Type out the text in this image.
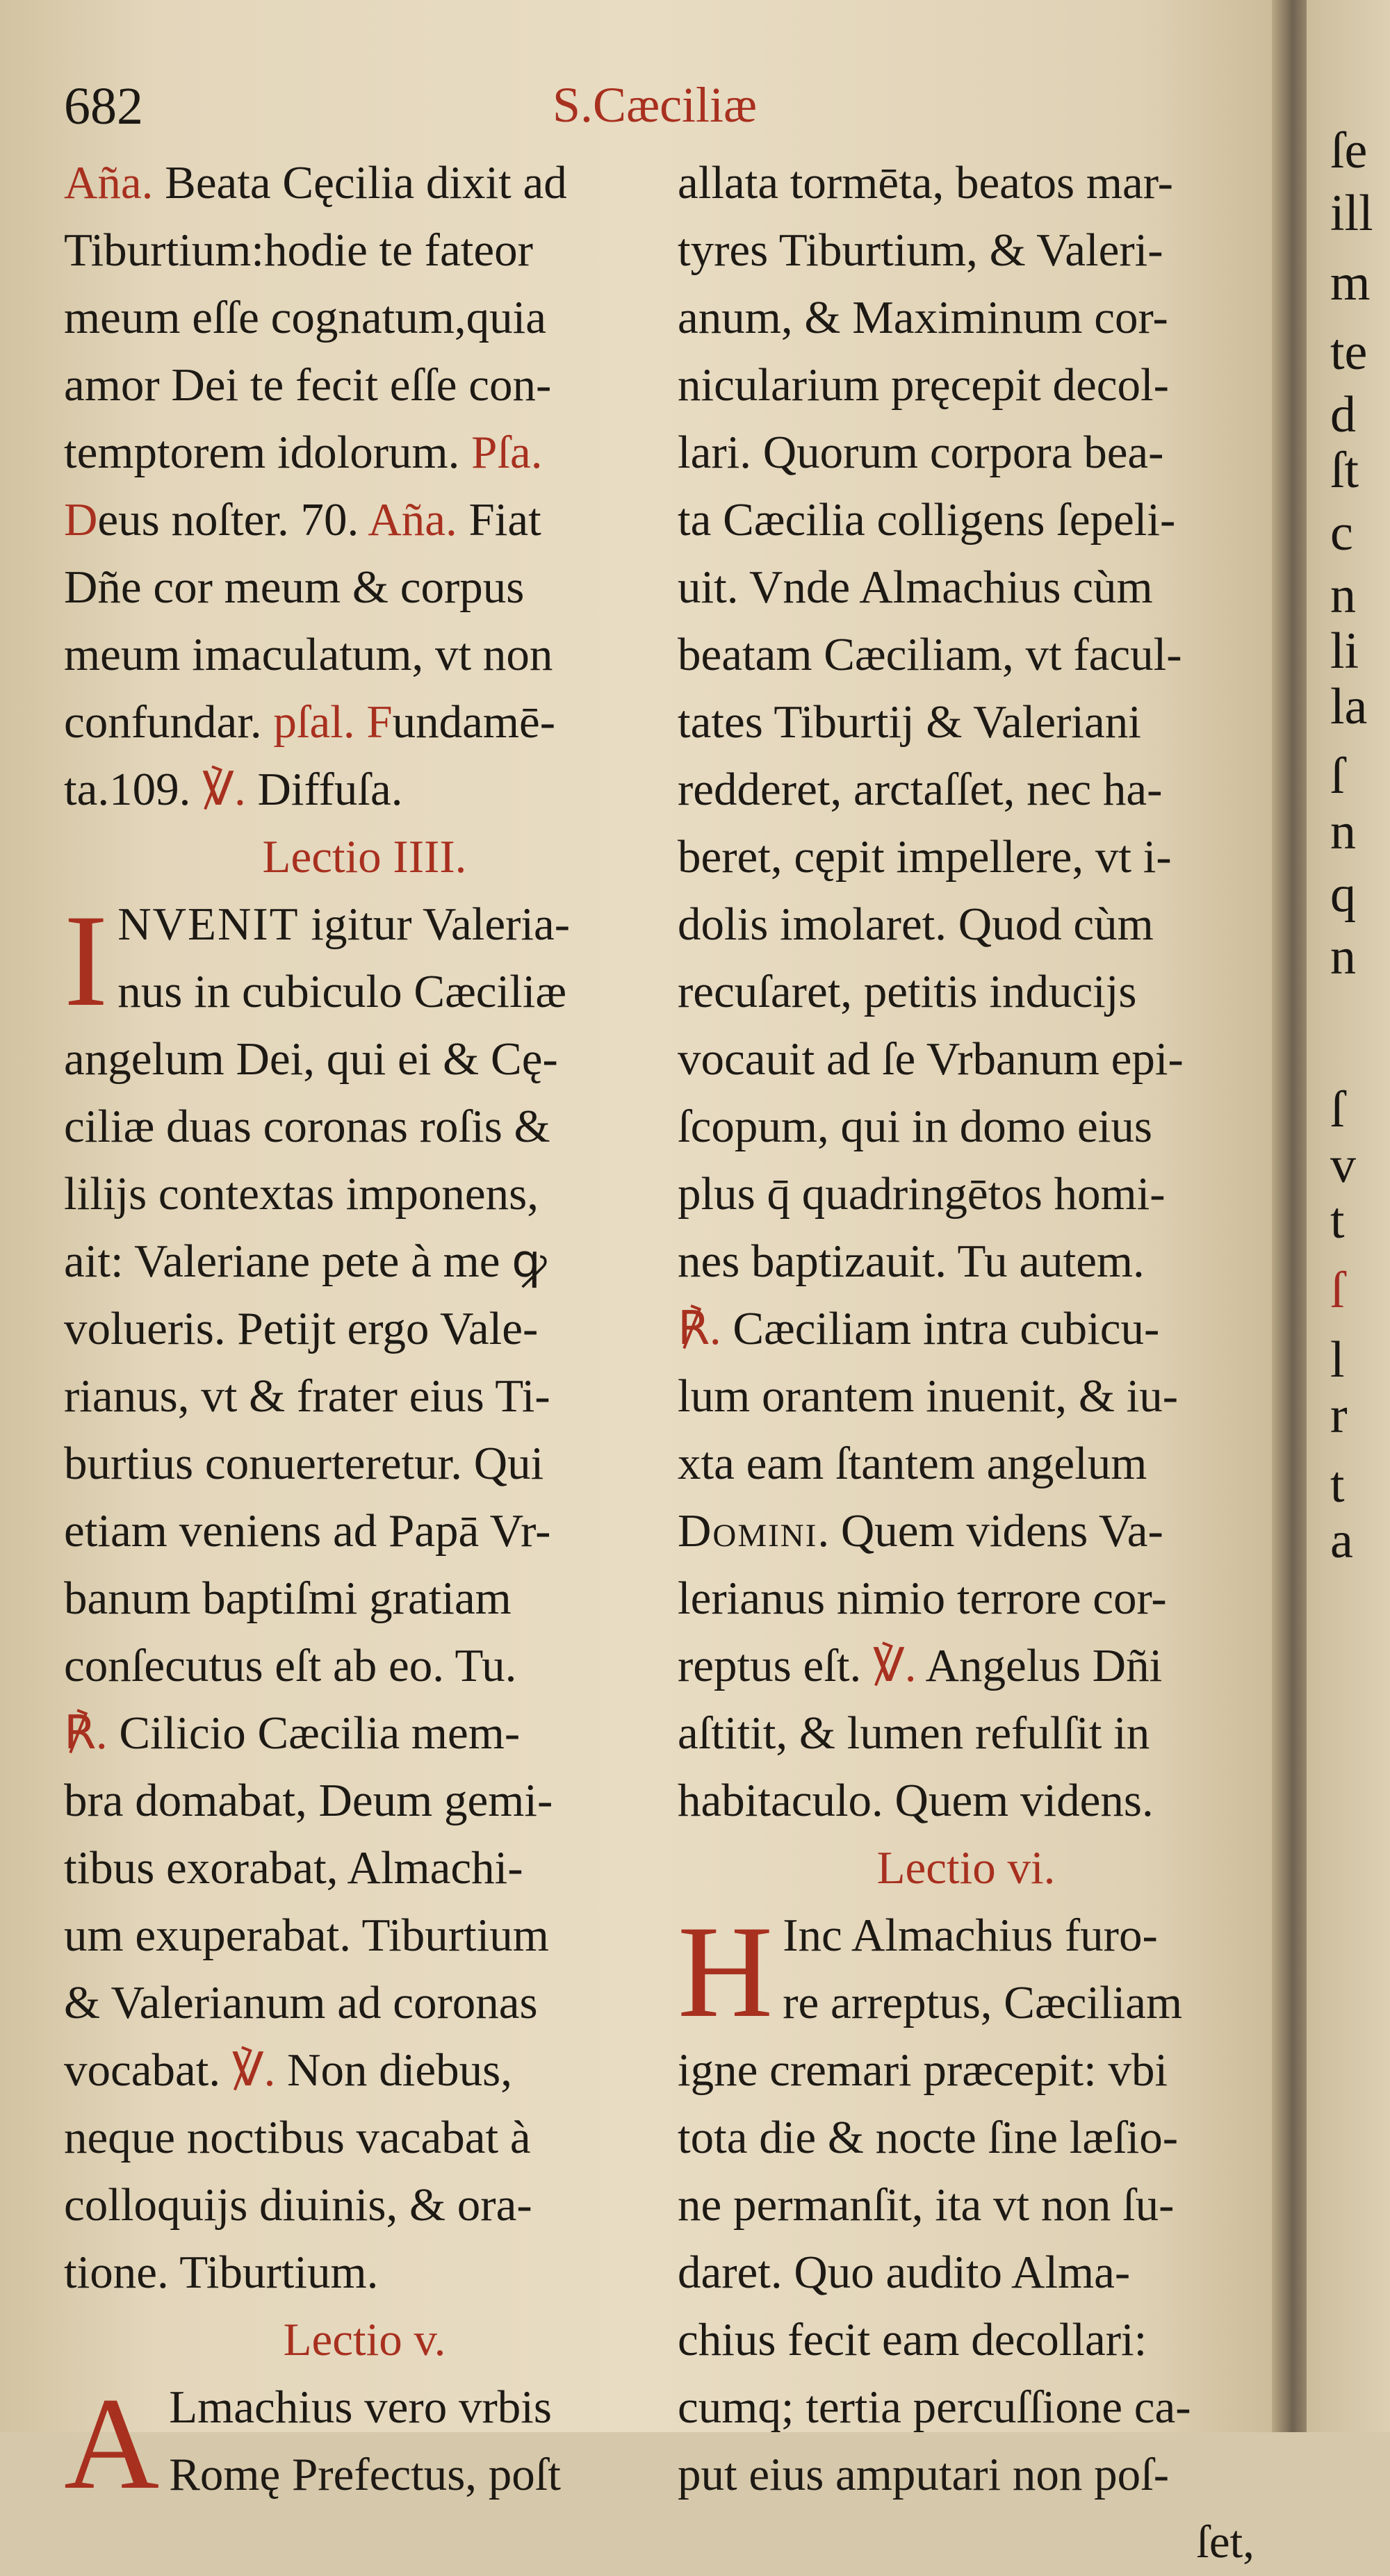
682	S.Cæciliæ
Aña. Beata Cęcilia dixit ad
Tiburtium:hodie te fateor
meum eſſe cognatum,quia
amor Dei te fecit eſſe con-
temptorem idolorum. Pſa.
Deus noſter. 70. Aña. Fiat
Dñe cor meum & corpus
meum imaculatum, vt non
confundar. pſal. Fundamē-
ta.109. ℣. Diffuſa.
Lectio IIII.
I NVENIT igitur Valeria-
nus in cubiculo Cæciliæ
angelum Dei, qui ei & Cę-
ciliæ duas coronas roſis &
lilijs contextas imponens,
ait: Valeriane pete à me ꝙ
volueris. Petijt ergo Vale-
rianus, vt & frater eius Ti-
burtius conuerteretur. Qui
etiam veniens ad Papā Vr-
banum baptiſmi gratiam
conſecutus eſt ab eo. Tu.
℟. Cilicio Cæcilia mem-
bra domabat, Deum gemi-
tibus exorabat, Almachi-
um exuperabat. Tiburtium
& Valerianum ad coronas
vocabat. ℣. Non diebus,
neque noctibus vacabat à
colloquijs diuinis, & ora-
tione. Tiburtium.
Lectio v.
A Lmachius vero vrbis
Romę Prefectus, poſt
allata tormēta, beatos mar-
tyres Tiburtium, & Valeri-
anum, & Maximinum cor-
nicularium pręcepit decol-
lari. Quorum corpora bea-
ta Cæcilia colligens ſepeli-
uit. Vnde Almachius cùm
beatam Cæciliam, vt facul-
tates Tiburtij & Valeriani
redderet, arctaſſet, nec ha-
beret, cępit impellere, vt i-
dolis imolaret. Quod cùm
recuſaret, petitis inducijs
vocauit ad ſe Vrbanum epi-
ſcopum, qui in domo eius
plus q̄ quadringētos homi-
nes baptizauit. Tu autem.
℟. Cæciliam intra cubicu-
lum orantem inuenit, & iu-
xta eam ſtantem angelum
Domini. Quem videns Va-
lerianus nimio terrore cor-
reptus eſt. ℣. Angelus Dñi
aſtitit, & lumen refulſit in
habitaculo. Quem videns.
Lectio vi.
H Inc Almachius furo-
re arreptus, Cæciliam
igne cremari præcepit: vbi
tota die & nocte ſine læſio-
ne permanſit, ita vt non ſu-
daret. Quo audito Alma-
chius fecit eam decollari:
cumq; tertia percuſſione ca-
put eius amputari non poſ-
ſet,
ſe
ill
m
te
d
ſt
c
n
li
la
ſ
n
q
n
ſ
v
t
ſ
l
r
t
a
